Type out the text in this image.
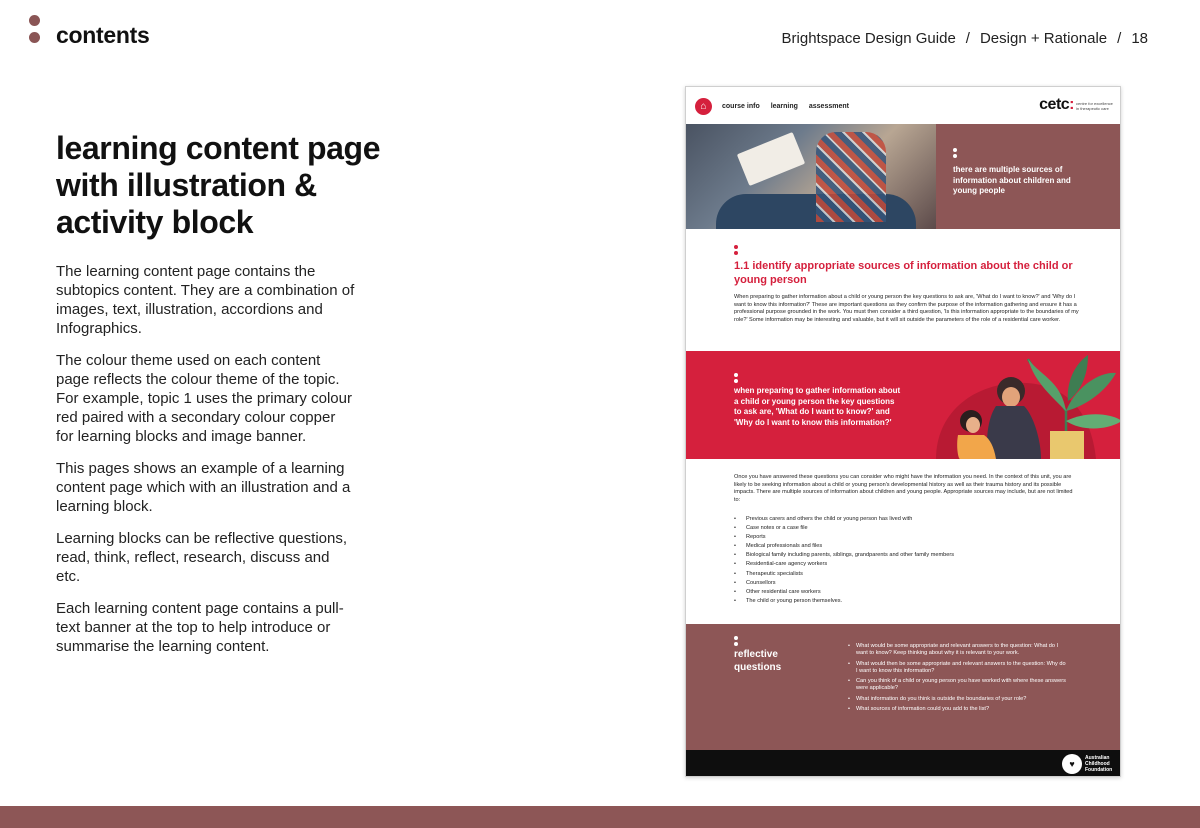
contents	Brightspace Design Guide / Design + Rationale / 18
learning content page with illustration & activity block

The learning content page contains the subtopics content. They are a combination of images, text, illustration, accordions and Infographics.

The colour theme used on each content page reflects the colour theme of the topic. For example, topic 1 uses the primary colour red paired with a secondary colour copper for learning blocks and image banner.

This pages shows an example of a learning content page which with an illustration and a learning block.

Learning blocks can be reflective questions, read, think, reflect, research, discuss and etc.

Each learning content page contains a pull-text banner at the top to help introduce or summarise the learning content.

⌂	course info learning assessment	cetc: centre for excellence in therapeutic care
there are multiple sources of information about children and young people
1.1 identify appropriate sources of information about the child or young person
When preparing to gather information about a child or young person the key questions to ask are, 'What do I want to know?' and 'Why do I want to know this information?' These are important questions as they confirm the purpose of the information gathering and ensure it has a professional purpose grounded in the work. You must then consider a third question, 'Is this information appropriate to the boundaries of my role?' Some information may be interesting and valuable, but it will sit outside the parameters of the role of a residential care worker.
when preparing to gather information about a child or young person the key questions to ask are, 'What do I want to know?' and 'Why do I want to know this information?'
Once you have answered these questions you can consider who might have the information you need. In the context of this unit, you are likely to be seeking information about a child or young person's developmental history as well as their trauma history and its possible impacts. There are multiple sources of information about children and young people. Appropriate sources may include, but are not limited to:
• Previous carers and others the child or young person has lived with
• Case notes or a case file
• Reports
• Medical professionals and files
• Biological family including parents, siblings, grandparents and other family members
• Residential-care agency workers
• Therapeutic specialists
• Counsellors
• Other residential care workers
• The child or young person themselves.
reflective questions
• What would be some appropriate and relevant answers to the question: What do I want to know? Keep thinking about why it is relevant to your work.
• What would then be some appropriate and relevant answers to the question: Why do I want to know this information?
• Can you think of a child or young person you have worked with where these answers were applicable?
• What information do you think is outside the boundaries of your role?
• What sources of information could you add to the list?
♥
Australian Childhood Foundation
